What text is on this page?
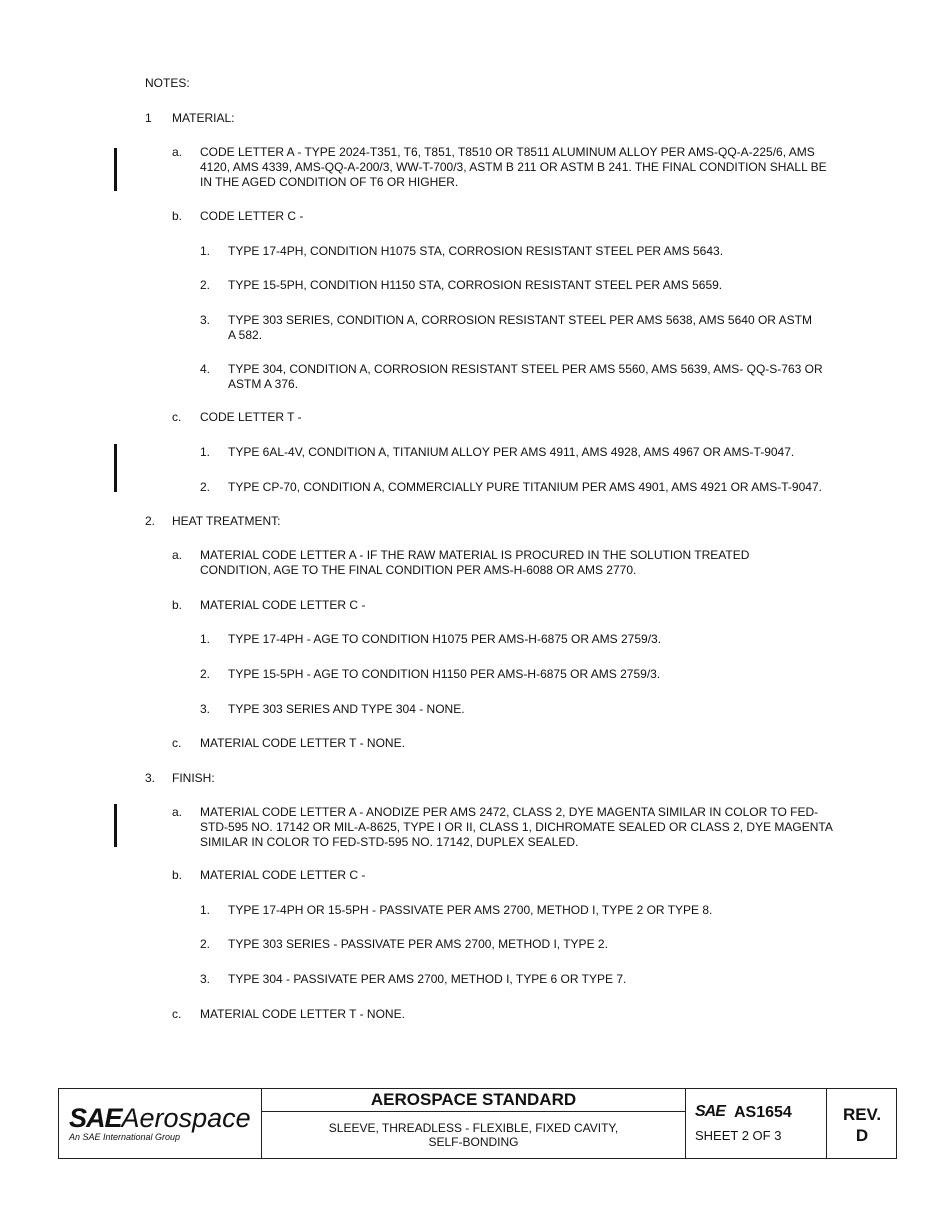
NOTES:
1 MATERIAL:
a. CODE LETTER A - TYPE 2024-T351, T6, T851, T8510 OR T8511 ALUMINUM ALLOY PER AMS-QQ-A-225/6, AMS 4120, AMS 4339, AMS-QQ-A-200/3, WW-T-700/3, ASTM B 211 OR ASTM B 241. THE FINAL CONDITION SHALL BE IN THE AGED CONDITION OF T6 OR HIGHER.
b. CODE LETTER C -
1. TYPE 17-4PH, CONDITION H1075 STA, CORROSION RESISTANT STEEL PER AMS 5643.
2. TYPE 15-5PH, CONDITION H1150 STA, CORROSION RESISTANT STEEL PER AMS 5659.
3. TYPE 303 SERIES, CONDITION A, CORROSION RESISTANT STEEL PER AMS 5638, AMS 5640 OR ASTM A 582.
4. TYPE 304, CONDITION A, CORROSION RESISTANT STEEL PER AMS 5560, AMS 5639, AMS- QQ-S-763 OR ASTM A 376.
c. CODE LETTER T -
1. TYPE 6AL-4V, CONDITION A, TITANIUM ALLOY PER AMS 4911, AMS 4928, AMS 4967 OR AMS-T-9047.
2. TYPE CP-70, CONDITION A, COMMERCIALLY PURE TITANIUM PER AMS 4901, AMS 4921 OR AMS-T-9047.
2. HEAT TREATMENT:
a. MATERIAL CODE LETTER A - IF THE RAW MATERIAL IS PROCURED IN THE SOLUTION TREATED CONDITION, AGE TO THE FINAL CONDITION PER AMS-H-6088 OR AMS 2770.
b. MATERIAL CODE LETTER C -
1. TYPE 17-4PH - AGE TO CONDITION H1075 PER AMS-H-6875 OR AMS 2759/3.
2. TYPE 15-5PH - AGE TO CONDITION H1150 PER AMS-H-6875 OR AMS 2759/3.
3. TYPE 303 SERIES AND TYPE 304 - NONE.
c. MATERIAL CODE LETTER T - NONE.
3. FINISH:
a. MATERIAL CODE LETTER A - ANODIZE PER AMS 2472, CLASS 2, DYE MAGENTA SIMILAR IN COLOR TO FED-STD-595 NO. 17142 OR MIL-A-8625, TYPE I OR II, CLASS 1, DICHROMATE SEALED OR CLASS 2, DYE MAGENTA SIMILAR IN COLOR TO FED-STD-595 NO. 17142, DUPLEX SEALED.
b. MATERIAL CODE LETTER C -
1. TYPE 17-4PH OR 15-5PH - PASSIVATE PER AMS 2700, METHOD I, TYPE 2 OR TYPE 8.
2. TYPE 303 SERIES - PASSIVATE PER AMS 2700, METHOD I, TYPE 2.
3. TYPE 304 - PASSIVATE PER AMS 2700, METHOD I, TYPE 6 OR TYPE 7.
c. MATERIAL CODE LETTER T - NONE.
SAEAerospace
An SAE International Group
AEROSPACE STANDARD
SLEEVE, THREADLESS - FLEXIBLE, FIXED CAVITY,
SELF-BONDING
SAE AS1654
SHEET 2 OF 3
REV.
D
